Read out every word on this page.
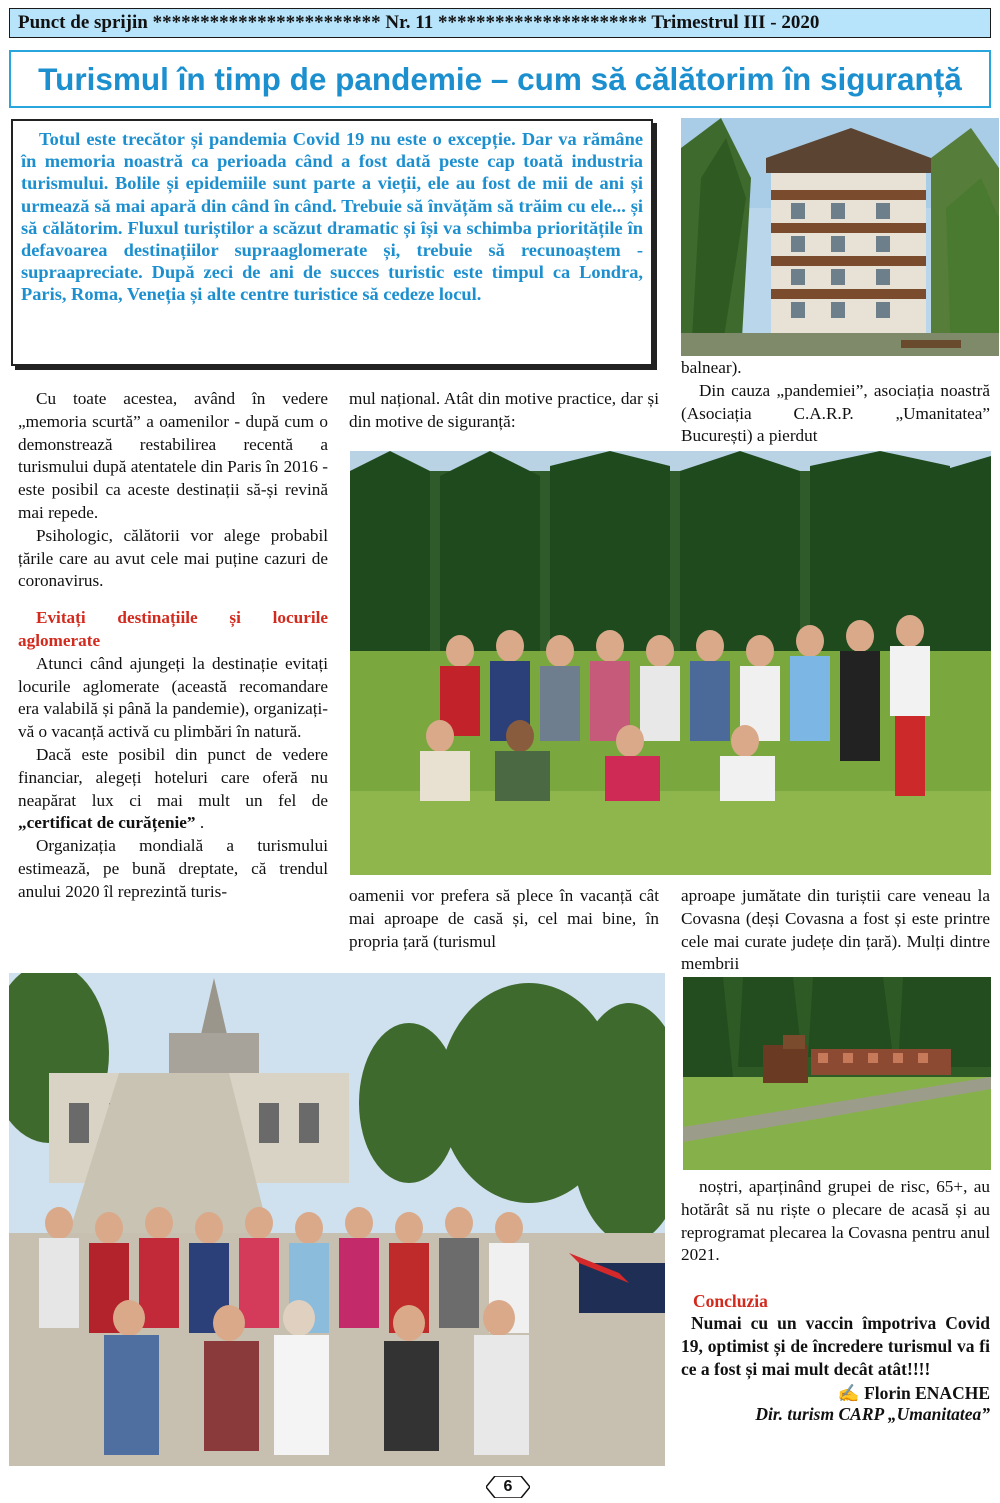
Punct de sprijin ************************ Nr. 11 ********************** Trimestrul III - 2020
Turismul în timp de pandemie – cum să călătorim în siguranță

Totul este trecător și pandemia Covid 19 nu este o excepție. Dar va rămâne în memoria noastră ca perioada când a fost dată peste cap toată industria turismului. Bolile și epidemiile sunt parte a vieții, ele au fost de mii de ani și urmează să mai apară din când în când. Trebuie să învățăm să trăim cu ele... și să călătorim. Fluxul turiștilor a scăzut dramatic și își va schimba prioritățile în defavoarea destinațiilor supraaglomerate și, trebuie să recunoaștem - supraapreciate. După zeci de ani de succes turistic este timpul ca Londra, Paris, Roma, Veneția și alte centre turistice să cedeze locul.

Cu toate acestea, având în vedere „memoria scurtă” a oamenilor - după cum o demonstrează restabilirea recentă a turismului după atentatele din Paris în 2016 - este posibil ca aceste destinații să-și revină mai repede.

Psihologic, călătorii vor alege probabil țările care au avut cele mai puține cazuri de coronavirus.

Evitați destinațiile și locurile aglomerate

Atunci când ajungeți la destinație evitați locurile aglomerate (această recomandare era valabilă și până la pandemie), organizați-vă o vacanță activă cu plimbări în natură.

Dacă este posibil din punct de vedere financiar, alegeți hoteluri care oferă nu neapărat lux ci mai mult un fel de „certificat de curățenie” .

Organizația mondială a turismului estimează, pe bună dreptate, că trendul anului 2020 îl reprezintă turis-

mul național. Atât din motive practice, dar și din motive de siguranță:

balnear).

Din cauza „pandemiei”, asociația noastră (Asociația C.A.R.P. „Umanitatea” București) a pierdut

oamenii vor prefera să plece în vacanță cât mai aproape de casă și, cel mai bine, în propria țară (turismul

aproape jumătate din turiștii care veneau la Covasna (deși Covasna a fost și este printre cele mai curate județe din țară). Mulți dintre membrii

noștri, aparținând grupei de risc, 65+, au hotărât să nu riște o plecare de acasă și au reprogramat plecarea la Covasna pentru anul 2021.

Concluzia
Numai cu un vaccin împotriva Covid 19, optimist și de încredere turismul va fi ce a fost și mai mult decât atât!!!!
✍ Florin ENACHE
Dir. turism CARP „Umanitatea”
6
